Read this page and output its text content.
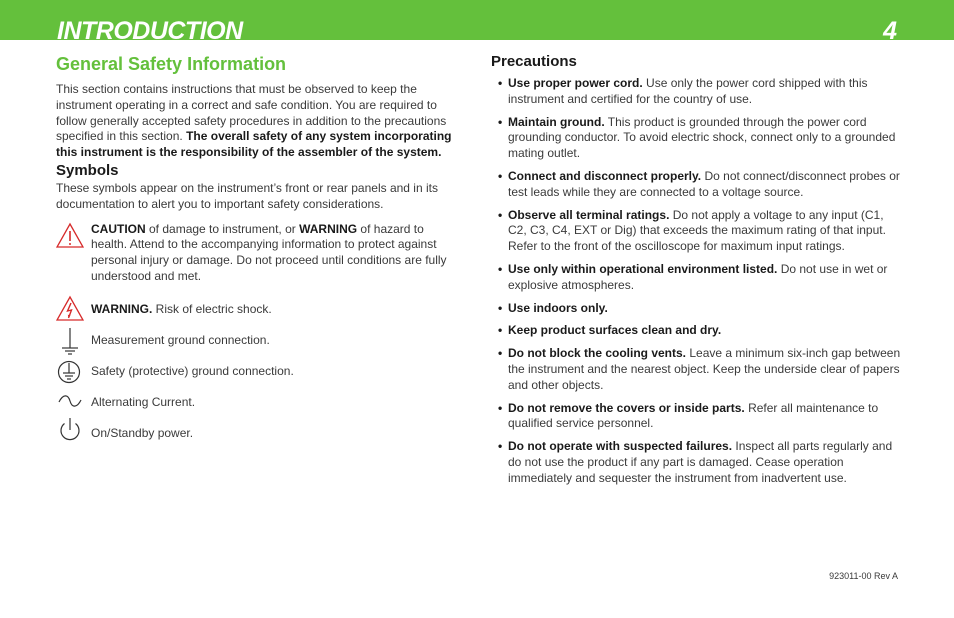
INTRODUCTION	4
General Safety Information

This section contains instructions that must be observed to keep the instrument operating in a correct and safe condition. You are required to follow generally accepted safety procedures in addition to the precautions specified in this section. The overall safety of any system incorporating this instrument is the responsibility of the assembler of the system.

Symbols

These symbols appear on the instrument’s front or rear panels and in its documentation to alert you to important safety considerations.

CAUTION of damage to instrument, or WARNING of hazard to health. Attend to the accompanying information to protect against personal injury or damage. Do not proceed until conditions are fully understood and met.

WARNING. Risk of electric shock.

Measurement ground connection.

Safety (protective) ground connection.

Alternating Current.

On/Standby power.

Precautions
• Use proper power cord. Use only the power cord shipped with this instrument and certified for the country of use.
• Maintain ground. This product is grounded through the power cord grounding conductor. To avoid electric shock, connect only to a grounded mating outlet.
• Connect and disconnect properly. Do not connect/disconnect probes or test leads while they are connected to a voltage source.
• Observe all terminal ratings. Do not apply a voltage to any input (C1, C2, C3, C4, EXT or Dig) that exceeds the maximum rating of that input. Refer to the front of the oscilloscope for maximum input ratings.
• Use only within operational environment listed. Do not use in wet or explosive atmospheres.
• Use indoors only.
• Keep product surfaces clean and dry.
• Do not block the cooling vents. Leave a minimum six-inch gap between the instrument and the nearest object. Keep the underside clear of papers and other objects.
• Do not remove the covers or inside parts. Refer all maintenance to qualified service personnel.
• Do not operate with suspected failures. Inspect all parts regularly and do not use the product if any part is damaged. Cease operation immediately and sequester the instrument from inadvertent use.
923011-00 Rev A
